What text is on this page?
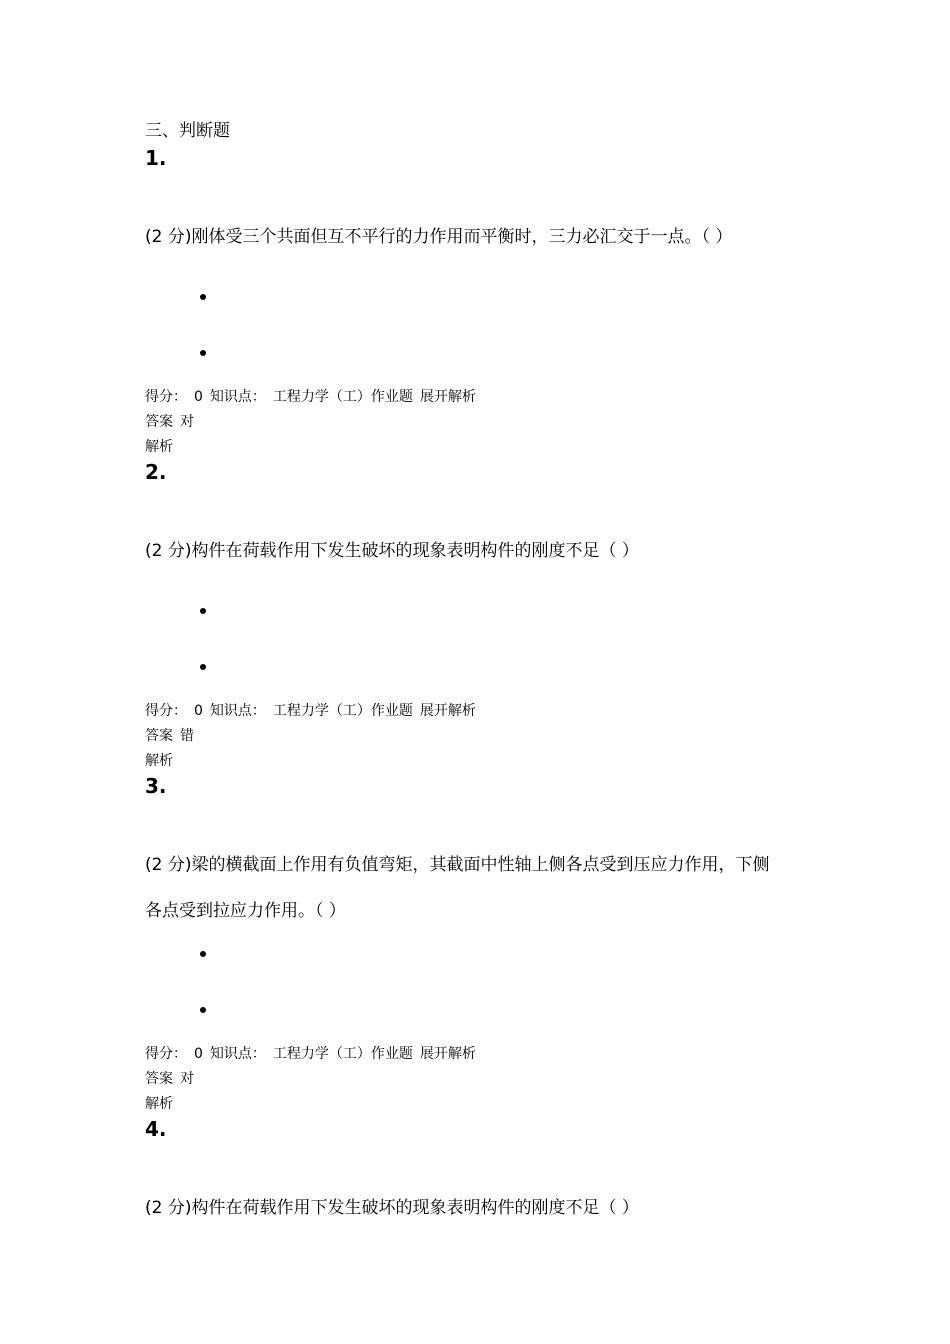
三、判断题
1.
(2 分)刚体受三个共面但互不平行的力作用而平衡时，三力必汇交于一点。（ ）
得分： 0 知识点： 工程力学（工）作业题 展开解析
答案 对
解析
2.
(2 分)构件在荷载作用下发生破坏的现象表明构件的刚度不足（ ）
得分： 0 知识点： 工程力学（工）作业题 展开解析
答案 错
解析
3.
(2 分)梁的横截面上作用有负值弯矩，其截面中性轴上侧各点受到压应力作用，下侧
各点受到拉应力作用。（ ）
得分： 0 知识点： 工程力学（工）作业题 展开解析
答案 对
解析
4.
(2 分)构件在荷载作用下发生破坏的现象表明构件的刚度不足（ ）
